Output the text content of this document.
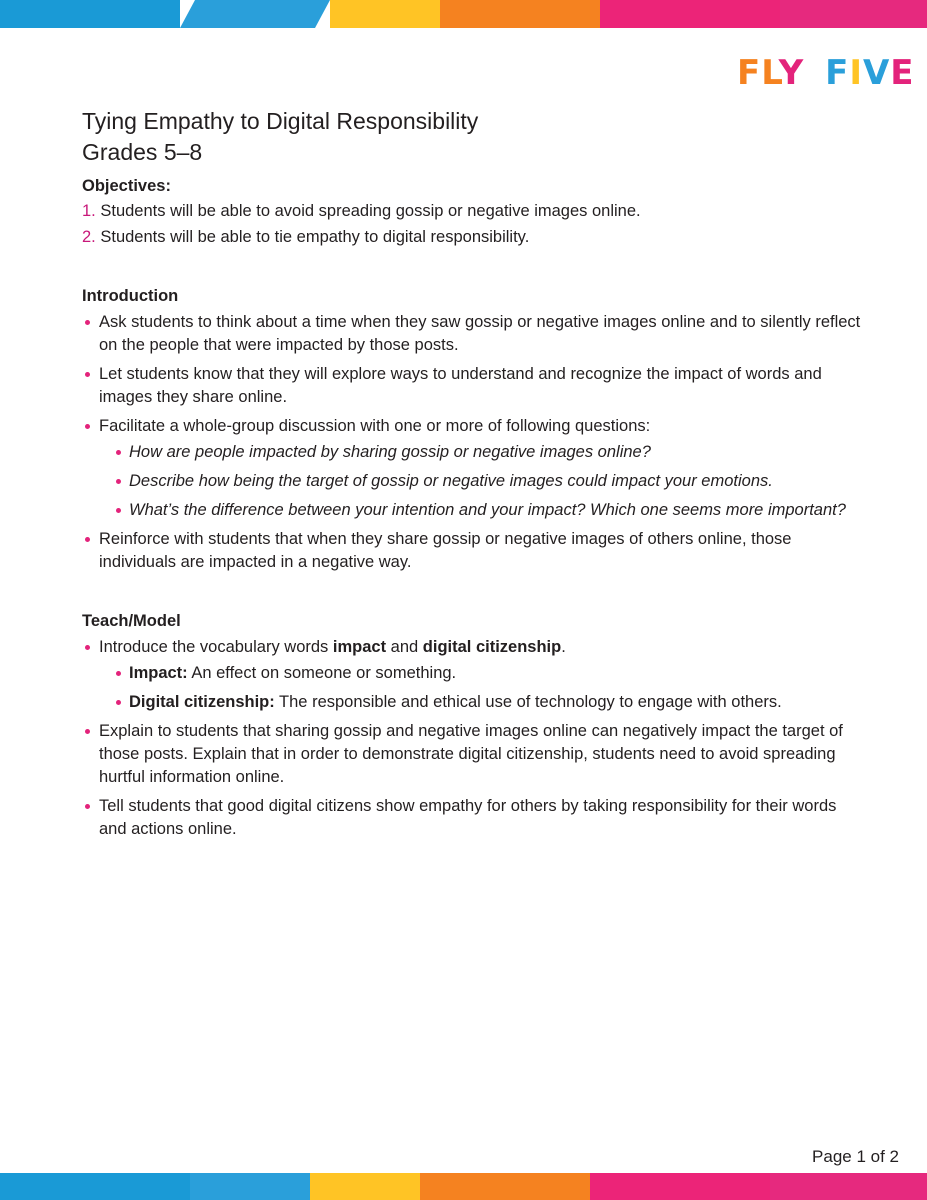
FLY FIVE
Tying Empathy to Digital Responsibility
Grades 5–8
Objectives:
1. Students will be able to avoid spreading gossip or negative images online.
2. Students will be able to tie empathy to digital responsibility.
Introduction
Ask students to think about a time when they saw gossip or negative images online and to silently reflect on the people that were impacted by those posts.
Let students know that they will explore ways to understand and recognize the impact of words and images they share online.
Facilitate a whole-group discussion with one or more of following questions:
How are people impacted by sharing gossip or negative images online?
Describe how being the target of gossip or negative images could impact your emotions.
What’s the difference between your intention and your impact? Which one seems more important?
Reinforce with students that when they share gossip or negative images of others online, those individuals are impacted in a negative way.
Teach/Model
Introduce the vocabulary words impact and digital citizenship.
Impact: An effect on someone or something.
Digital citizenship: The responsible and ethical use of technology to engage with others.
Explain to students that sharing gossip and negative images online can negatively impact the target of those posts. Explain that in order to demonstrate digital citizenship, students need to avoid spreading hurtful information online.
Tell students that good digital citizens show empathy for others by taking responsibility for their words and actions online.
Page 1 of 2
